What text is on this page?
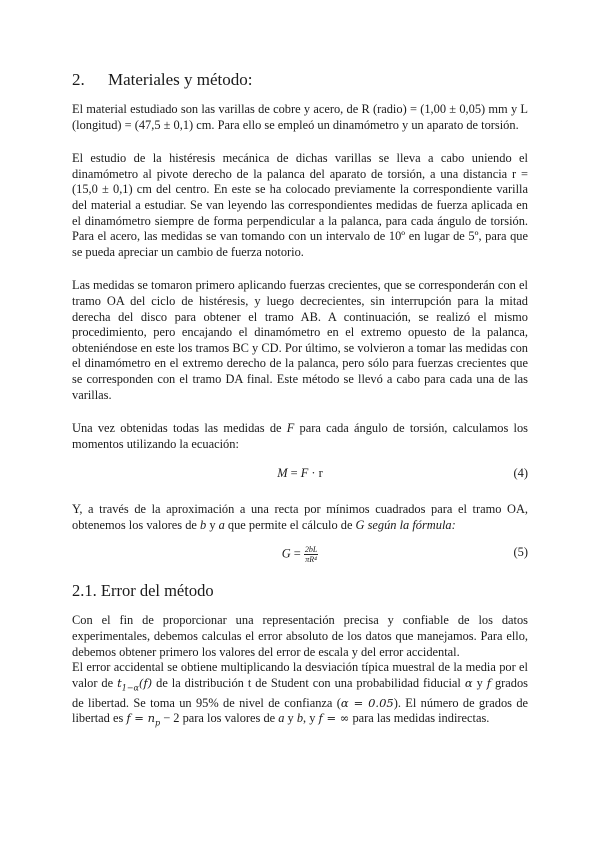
2. Materiales y método:

El material estudiado son las varillas de cobre y acero, de R (radio) = (1,00 ± 0,05) mm y L (longitud) = (47,5 ± 0,1) cm. Para ello se empleó un dinamómetro y un aparato de torsión.

El estudio de la histéresis mecánica de dichas varillas se lleva a cabo uniendo el dinamómetro al pivote derecho de la palanca del aparato de torsión, a una distancia r = (15,0 ± 0,1) cm del centro. En este se ha colocado previamente la correspondiente varilla del material a estudiar. Se van leyendo las correspondientes medidas de fuerza aplicada en el dinamómetro siempre de forma perpendicular a la palanca, para cada ángulo de torsión. Para el acero, las medidas se van tomando con un intervalo de 10º en lugar de 5º, para que se pueda apreciar un cambio de fuerza notorio.

Las medidas se tomaron primero aplicando fuerzas crecientes, que se corresponderán con el tramo OA del ciclo de histéresis, y luego decrecientes, sin interrupción para la mitad derecha del disco para obtener el tramo AB. A continuación, se realizó el mismo procedimiento, pero encajando el dinamómetro en el extremo opuesto de la palanca, obteniéndose en este los tramos BC y CD. Por último, se volvieron a tomar las medidas con el dinamómetro en el extremo derecho de la palanca, pero sólo para fuerzas crecientes que se corresponden con el tramo DA final. Este método se llevó a cabo para cada una de las varillas.

Una vez obtenidas todas las medidas de F para cada ángulo de torsión, calculamos los momentos utilizando la ecuación:

M = F · r	(4)

Y, a través de la aproximación a una recta por mínimos cuadrados para el tramo OA, obtenemos los valores de b y a que permite el cálculo de G según la fórmula:

$G = \frac{2bL}{\text{πR⁴}}$	(5)
2.1. Error del método

Con el fin de proporcionar una representación precisa y confiable de los datos experimentales, debemos calculas el error absoluto de los datos que manejamos. Para ello, debemos obtener primero los valores del error de escala y del error accidental.
El error accidental se obtiene multiplicando la desviación típica muestral de la media por el valor de $t_{1-\alpha}(f)$ de la distribución t de Student con una probabilidad fiducial α y f grados de libertad. Se toma un 95% de nivel de confianza (α = 0.05). El número de grados de libertad es $f = n_p - 2$ para los valores de a y b, y f = ∞ para las medidas indirectas.
